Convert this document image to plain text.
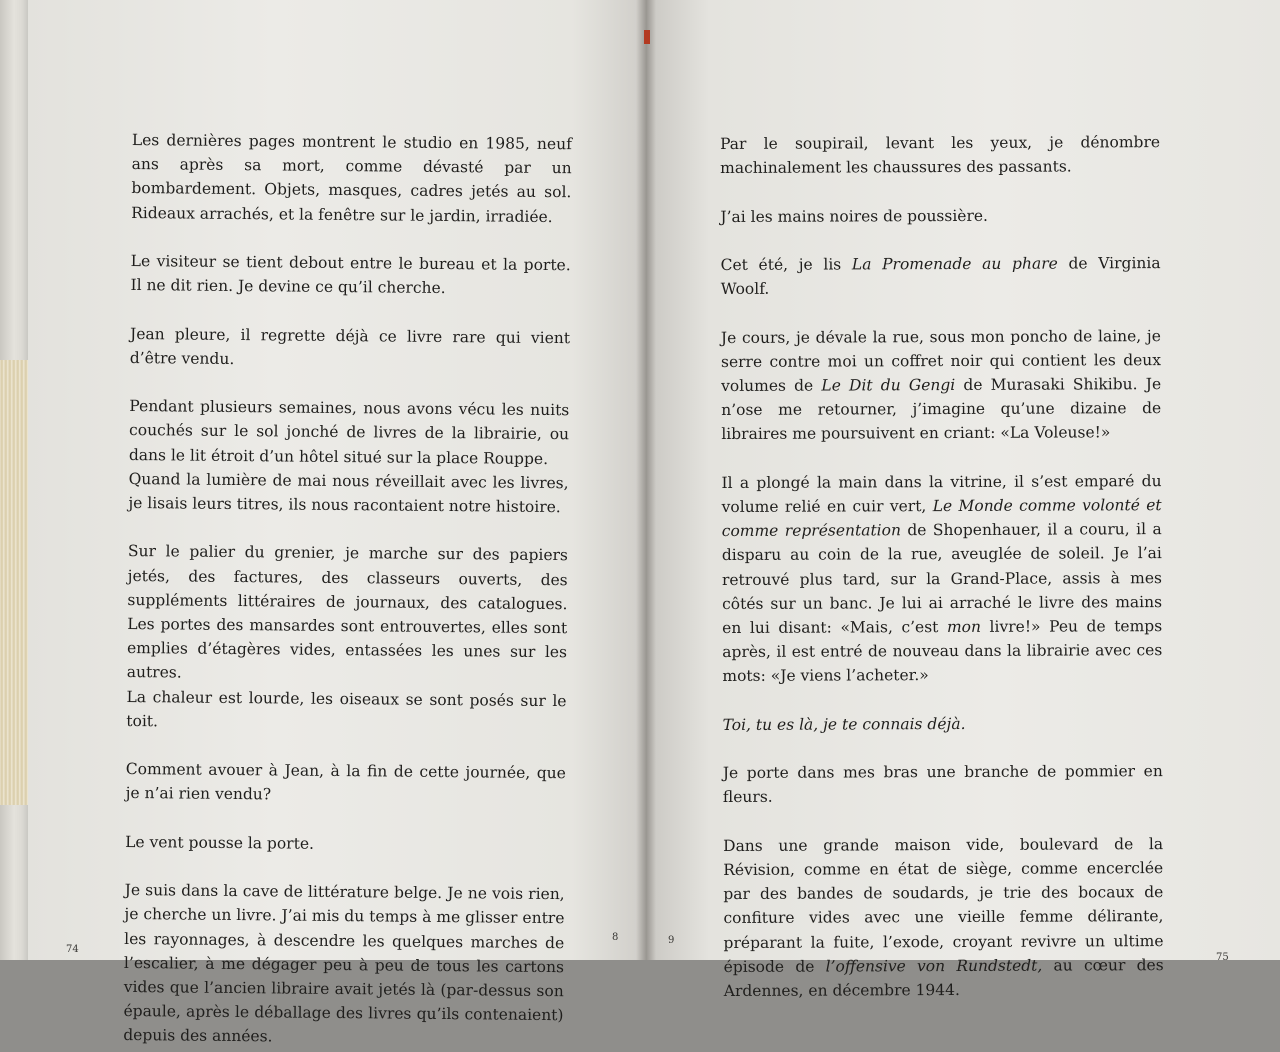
Les dernières pages montrent le studio en 1985, neuf ans après sa mort, comme dévasté par un bombardement. Objets, masques, cadres jetés au sol. Rideaux arrachés, et la fenêtre sur le jardin, irradiée.

Le visiteur se tient debout entre le bureau et la porte. Il ne dit rien. Je devine ce qu’il cherche.

Jean pleure, il regrette déjà ce livre rare qui vient d’être vendu.

Pendant plusieurs semaines, nous avons vécu les nuits couchés sur le sol jonché de livres de la librairie, ou dans le lit étroit d’un hôtel situé sur la place Rouppe.
Quand la lumière de mai nous réveillait avec les livres, je lisais leurs titres, ils nous racontaient notre histoire.

Sur le palier du grenier, je marche sur des papiers jetés, des factures, des classeurs ouverts, des suppléments littéraires de journaux, des catalogues. Les portes des mansardes sont entrouvertes, elles sont emplies d’étagères vides, entassées les unes sur les autres.
La chaleur est lourde, les oiseaux se sont posés sur le toit.

Comment avouer à Jean, à la fin de cette journée, que je n’ai rien vendu?

Le vent pousse la porte.

Je suis dans la cave de littérature belge. Je ne vois rien, je cherche un livre. J’ai mis du temps à me glisser entre les rayonnages, à descendre les quelques marches de l’escalier, à me dégager peu à peu de tous les cartons vides que l’ancien libraire avait jetés là (par-dessus son épaule, après le déballage des livres qu’ils contenaient) depuis des années.

74
8

Par le soupirail, levant les yeux, je dénombre machinalement les chaussures des passants.

J’ai les mains noires de poussière.

Cet été, je lis La Promenade au phare de Virginia Woolf.

Je cours, je dévale la rue, sous mon poncho de laine, je serre contre moi un coffret noir qui contient les deux volumes de Le Dit du Gengi de Murasaki Shikibu. Je n’ose me retourner, j’imagine qu’une dizaine de libraires me poursuivent en criant: «La Voleuse!»

Il a plongé la main dans la vitrine, il s’est emparé du volume relié en cuir vert, Le Monde comme volonté et comme représentation de Shopenhauer, il a couru, il a disparu au coin de la rue, aveuglée de soleil. Je l’ai retrouvé plus tard, sur la Grand-Place, assis à mes côtés sur un banc. Je lui ai arraché le livre des mains en lui disant: «Mais, c’est mon livre!» Peu de temps après, il est entré de nouveau dans la librairie avec ces mots: «Je viens l’acheter.»

Toi, tu es là, je te connais déjà.

Je porte dans mes bras une branche de pommier en fleurs.

Dans une grande maison vide, boulevard de la Révision, comme en état de siège, comme encerclée par des bandes de soudards, je trie des bocaux de confiture vides avec une vieille femme délirante, préparant la fuite, l’exode, croyant revivre un ultime épisode de l’offensive von Rundstedt, au cœur des Ardennes, en décembre 1944.

9
75
